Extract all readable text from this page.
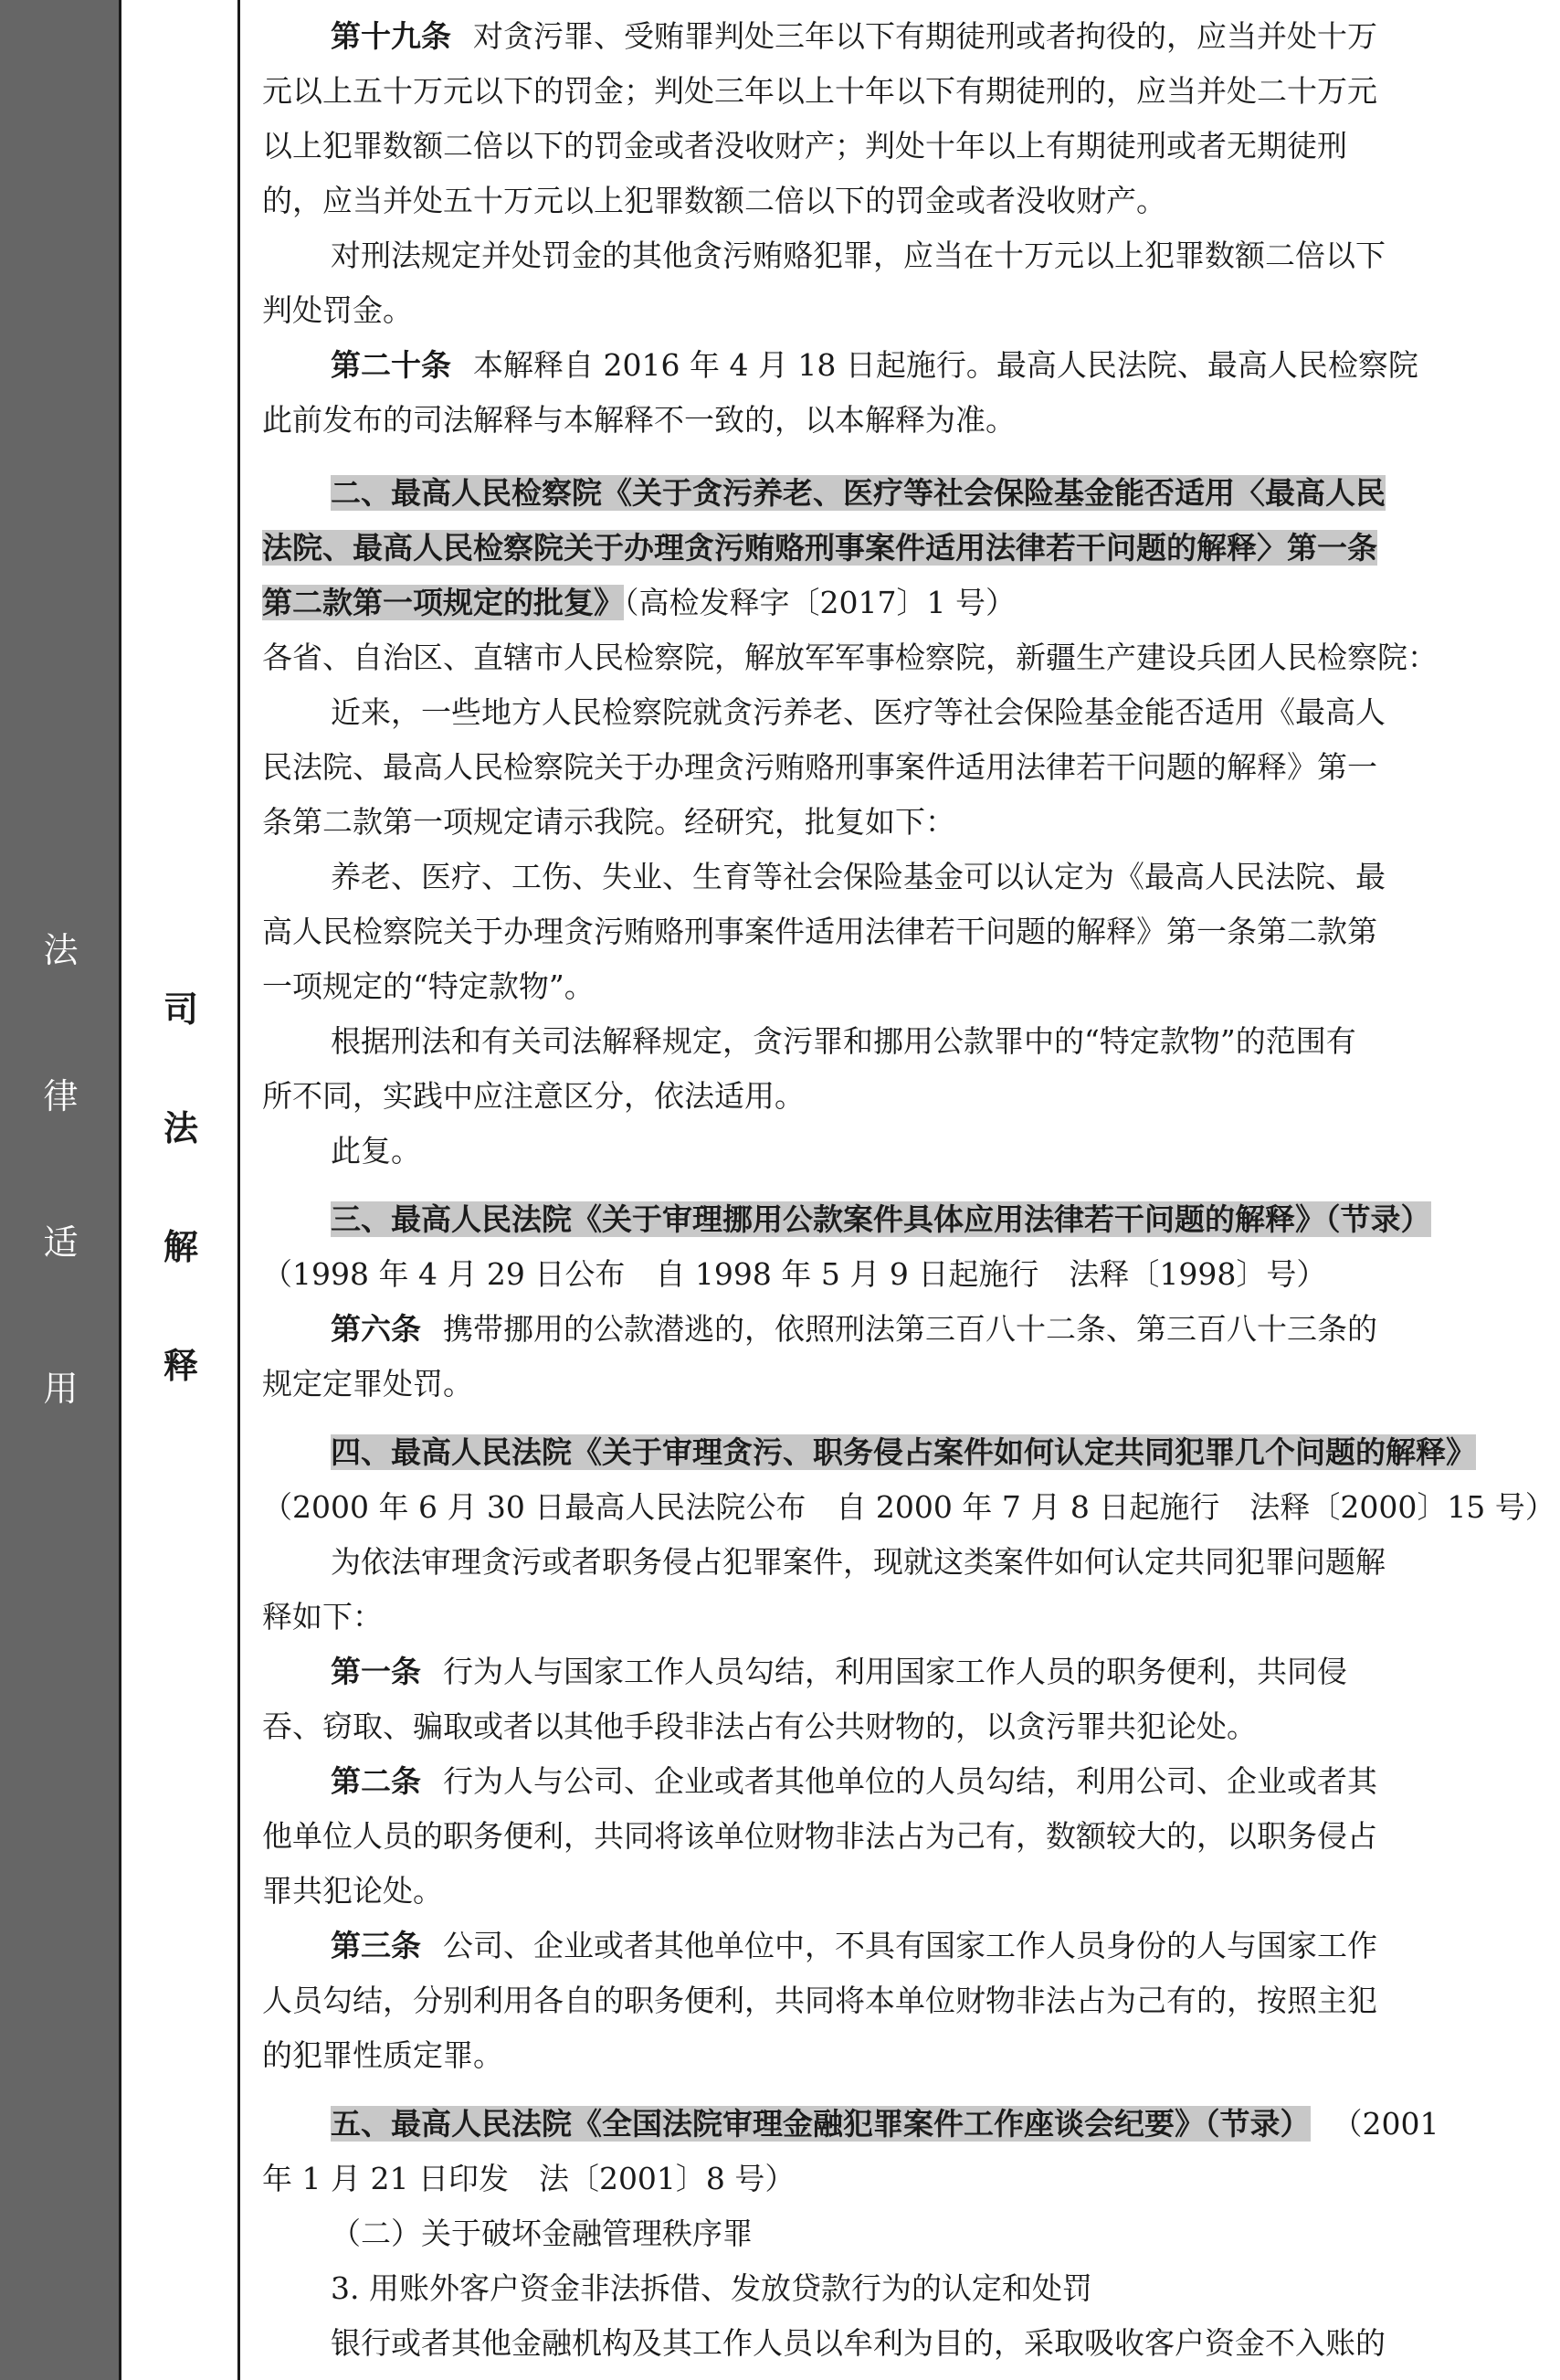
法
律
适
用
司
法
解
释
第十九条 对贪污罪、受贿罪判处三年以下有期徒刑或者拘役的，应当并处十万
元以上五十万元以下的罚金；判处三年以上十年以下有期徒刑的，应当并处二十万元
以上犯罪数额二倍以下的罚金或者没收财产；判处十年以上有期徒刑或者无期徒刑
的，应当并处五十万元以上犯罪数额二倍以下的罚金或者没收财产。
对刑法规定并处罚金的其他贪污贿赂犯罪，应当在十万元以上犯罪数额二倍以下
判处罚金。
第二十条 本解释自 2016 年 4 月 18 日起施行。最高人民法院、最高人民检察院
此前发布的司法解释与本解释不一致的，以本解释为准。
二、最高人民检察院《关于贪污养老、医疗等社会保险基金能否适用〈最高人民
法院、最高人民检察院关于办理贪污贿赂刑事案件适用法律若干问题的解释〉第一条
第二款第一项规定的批复》（高检发释字〔2017〕1 号）
各省、自治区、直辖市人民检察院，解放军军事检察院，新疆生产建设兵团人民检察院：
近来，一些地方人民检察院就贪污养老、医疗等社会保险基金能否适用《最高人
民法院、最高人民检察院关于办理贪污贿赂刑事案件适用法律若干问题的解释》第一
条第二款第一项规定请示我院。经研究，批复如下：
养老、医疗、工伤、失业、生育等社会保险基金可以认定为《最高人民法院、最
高人民检察院关于办理贪污贿赂刑事案件适用法律若干问题的解释》第一条第二款第
一项规定的“特定款物”。
根据刑法和有关司法解释规定，贪污罪和挪用公款罪中的“特定款物”的范围有
所不同，实践中应注意区分，依法适用。
此复。
三、最高人民法院《关于审理挪用公款案件具体应用法律若干问题的解释》（节录）
（1998 年 4 月 29 日公布　自 1998 年 5 月 9 日起施行　法释〔1998〕号）
第六条 携带挪用的公款潜逃的，依照刑法第三百八十二条、第三百八十三条的
规定定罪处罚。
四、最高人民法院《关于审理贪污、职务侵占案件如何认定共同犯罪几个问题的解释》
（2000 年 6 月 30 日最高人民法院公布　自 2000 年 7 月 8 日起施行　法释〔2000〕15 号）
为依法审理贪污或者职务侵占犯罪案件，现就这类案件如何认定共同犯罪问题解
释如下：
第一条 行为人与国家工作人员勾结，利用国家工作人员的职务便利，共同侵
吞、窃取、骗取或者以其他手段非法占有公共财物的，以贪污罪共犯论处。
第二条 行为人与公司、企业或者其他单位的人员勾结，利用公司、企业或者其
他单位人员的职务便利，共同将该单位财物非法占为己有，数额较大的，以职务侵占
罪共犯论处。
第三条 公司、企业或者其他单位中，不具有国家工作人员身份的人与国家工作
人员勾结，分别利用各自的职务便利，共同将本单位财物非法占为己有的，按照主犯
的犯罪性质定罪。
五、最高人民法院《全国法院审理金融犯罪案件工作座谈会纪要》（节录） （2001
年 1 月 21 日印发　法〔2001〕8 号）
（二）关于破坏金融管理秩序罪
3. 用账外客户资金非法拆借、发放贷款行为的认定和处罚
银行或者其他金融机构及其工作人员以牟利为目的，采取吸收客户资金不入账的
